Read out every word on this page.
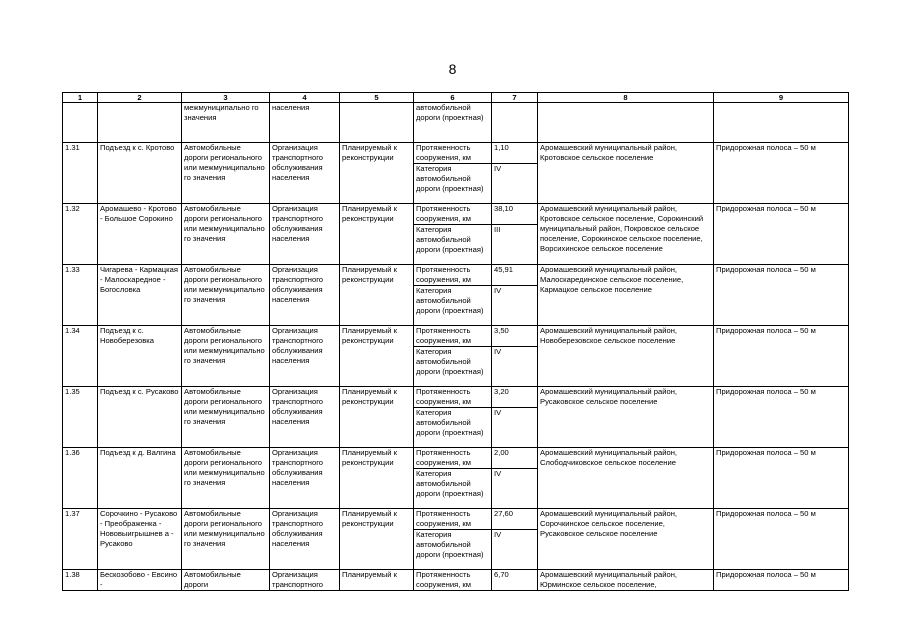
8
1	2	3	4	5	6	7	8	9
		межмуниципально го значения	населения		автомобильной дороги (проектная)			
1.31	Подъезд к с. Кротово	Автомобильные дороги регионального или межмуниципально го значения	Организация транспортного обслуживания населения	Планируемый к реконструкции	Протяженность сооружения, км	1,10	Аромашевский муниципальный район, Кротовское сельское поселение	Придорожная полоса – 50 м
					Категория автомобильной дороги (проектная)	IV		
1.32	Аромашево - Кротово - Большое Сорокино	Автомобильные дороги регионального или межмуниципально го значения	Организация транспортного обслуживания населения	Планируемый к реконструкции	Протяженность сооружения, км	38,10	Аромашевский муниципальный район, Кротовское сельское поселение, Сорокинский муниципальный район, Покровское сельское поселение, Сорокинское сельское поселение, Ворсихинское сельское поселение	Придорожная полоса – 50 м
					Категория автомобильной дороги (проектная)	III		
1.33	Чигарева - Кармацкая - Малоскаредное - Богословка	Автомобильные дороги регионального или межмуниципально го значения	Организация транспортного обслуживания населения	Планируемый к реконструкции	Протяженность сооружения, км	45,91	Аромашевский муниципальный район, Малоскарединское сельское поселение, Кармацкое сельское поселение	Придорожная полоса – 50 м
					Категория автомобильной дороги (проектная)	IV		
1.34	Подъезд к с. Новоберезовка	Автомобильные дороги регионального или межмуниципально го значения	Организация транспортного обслуживания населения	Планируемый к реконструкции	Протяженность сооружения, км	3,50	Аромашевский муниципальный район, Новоберезовское сельское поселение	Придорожная полоса – 50 м
					Категория автомобильной дороги (проектная)	IV		
1.35	Подъезд к с. Русаково	Автомобильные дороги регионального или межмуниципально го значения	Организация транспортного обслуживания населения	Планируемый к реконструкции	Протяженность сооружения, км	3,20	Аромашевский муниципальный район, Русаковское сельское поселение	Придорожная полоса – 50 м
					Категория автомобильной дороги (проектная)	IV		
1.36	Подъезд к д. Валгина	Автомобильные дороги регионального или межмуниципально го значения	Организация транспортного обслуживания населения	Планируемый к реконструкции	Протяженность сооружения, км	2,00	Аромашевский муниципальный район, Слободчиковское сельское поселение	Придорожная полоса – 50 м
					Категория автомобильной дороги (проектная)	IV		
1.37	Сорочкино - Русаково - Преображенка - Нововыигрышнев а - Русаково	Автомобильные дороги регионального или межмуниципально го значения	Организация транспортного обслуживания населения	Планируемый к реконструкции	Протяженность сооружения, км	27,60	Аромашевский муниципальный район, Сорочкинское сельское поселение, Русаковское сельское поселение	Придорожная полоса – 50 м
					Категория автомобильной дороги (проектная)	IV		
1.38	Бескозобово - Евсино -	Автомобильные дороги	Организация транспортного	Планируемый к	Протяженность сооружения, км	6,70	Аромашевский муниципальный район, Юрминское сельское поселение,	Придорожная полоса – 50 м
